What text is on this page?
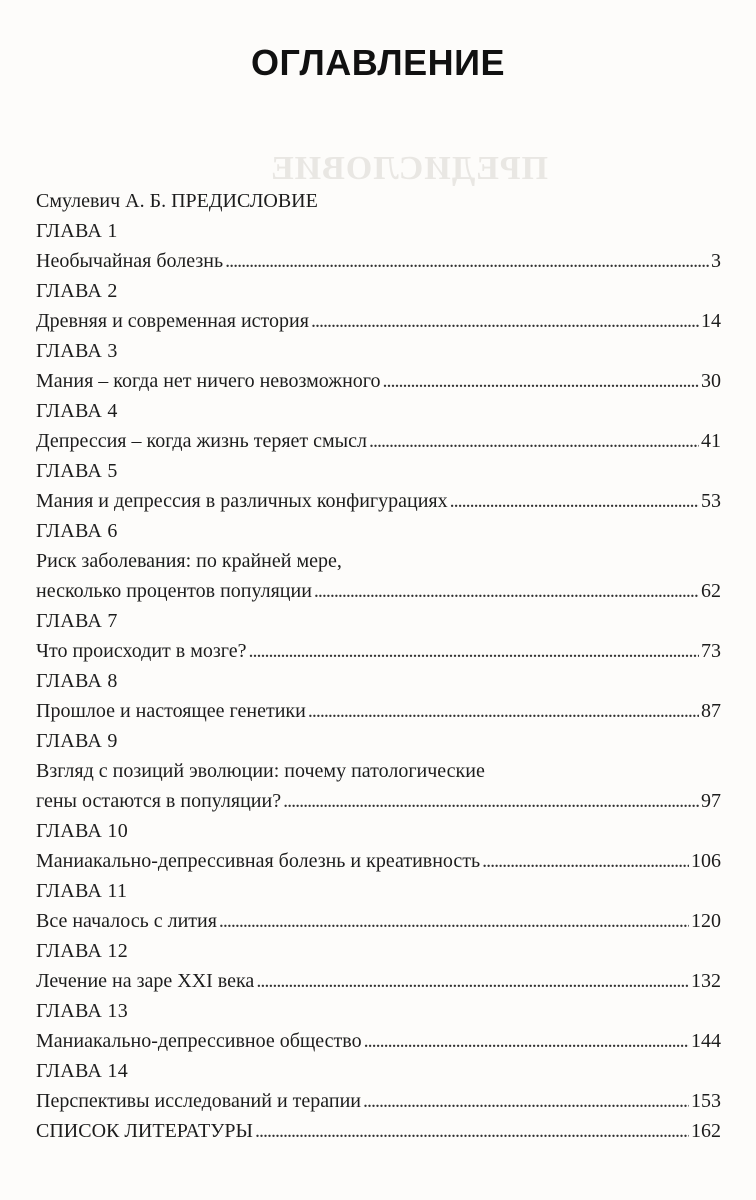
ПРЕДИСЛОВИЕ
ОГЛАВЛЕНИЕ
Смулевич А. Б. ПРЕДИСЛОВИЕ
ГЛАВА 1
Необычайная болезнь . . .	3
ГЛАВА 2
Древняя и современная история . . .	14
ГЛАВА 3
Мания – когда нет ничего невозможного . . .	30
ГЛАВА 4
Депрессия – когда жизнь теряет смысл . . .	41
ГЛАВА 5
Мания и депрессия в различных конфигурациях . . .	53
ГЛАВА 6
Риск заболевания: по крайней мере,
несколько процентов популяции . . .	62
ГЛАВА 7
Что происходит в мозге? . . .	73
ГЛАВА 8
Прошлое и настоящее генетики . . .	87
ГЛАВА 9
Взгляд с позиций эволюции: почему патологические
гены остаются в популяции? . . .	97
ГЛАВА 10
Маниакально-депрессивная болезнь и креативность . . .	106
ГЛАВА 11
Все началось с лития . . .	120
ГЛАВА 12
Лечение на заре XXI века . . .	132
ГЛАВА 13
Маниакально-депрессивное общество . . .	144
ГЛАВА 14
Перспективы исследований и терапии . . .	153
СПИСОК ЛИТЕРАТУРЫ . . .	162
